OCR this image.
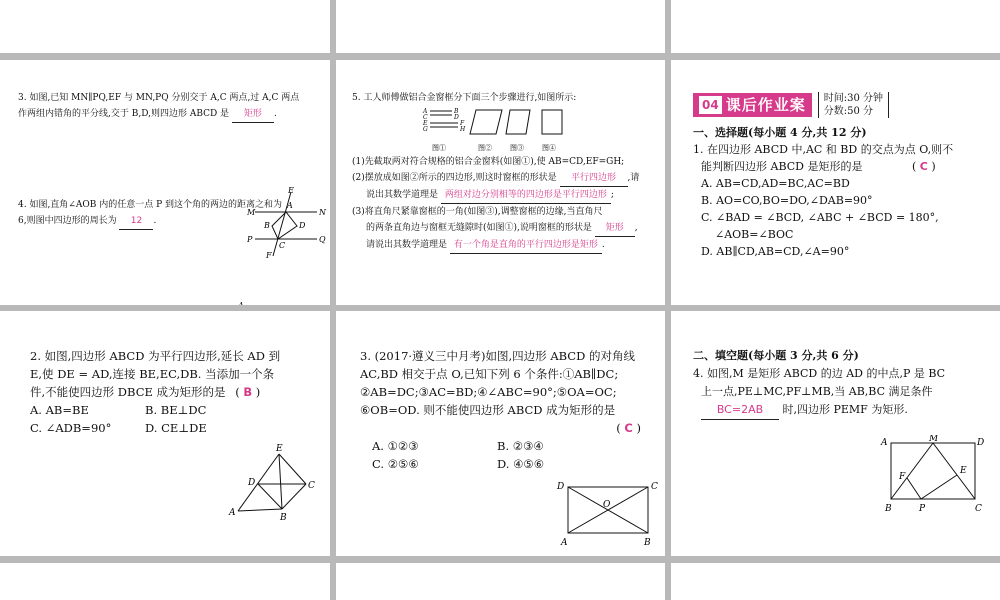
3. 如图,已知 MN∥PQ,EF 与 MN,PQ 分别交于 A,C 两点,过 A,C 两点
作两组内错角的平分线,交于 B,D,则四边形 ABCD 是 矩形 .
M	N
P	Q
E
F
A
B
C
D
4. 如图,直角∠AOB 内的任意一点 P 到这个角的两边的距离之和为
6,则图中四边形的周长为 12 .
A
5. 工人师傅做铝合金窗框分下面三个步骤进行,如图所示:
A	B
C	D
E	F
G	H
图①	图②	图③	图④
(1)先截取两对符合规格的铝合金窗料(如图①),使 AB=CD,EF=GH;
(2)摆放成如图②所示的四边形,则这时窗框的形状是 平行四边形 ,请
说出其数学道理是 两组对边分别相等的四边形是平行四边形 ;
(3)将直角尺紧靠窗框的一角(如图③),调整窗框的边缘,当直角尺
的两条直角边与窗框无缝隙时(如图①),说明窗框的形状是 矩形 ,
请说出其数学道理是 有一个角是直角的平行四边形是矩形 .
04 课后作业案 时间:30 分钟
分数:50 分
一、选择题(每小题 4 分,共 12 分)
1. 在四边形 ABCD 中,AC 和 BD 的交点为点 O,则不
能判断四边形 ABCD 是矩形的是	( C )
A. AB=CD,AD=BC,AC=BD
B. AO=CO,BO=DO,∠DAB=90°
C. ∠BAD = ∠BCD, ∠ABC + ∠BCD = 180°,
∠AOB=∠BOC
D. AB∥CD,AB=CD,∠A=90°
2. 如图,四边形 ABCD 为平行四边形,延长 AD 到
E,使 DE = AD,连接 BE,EC,DB. 当添加一个条
件,不能使四边形 DBCE 成为矩形的是 ( B )
A. AB=BE	B. BE⊥DC
C. ∠ADB=90°	D. CE⊥DE
E
D	C
A	B
3. (2017·遵义三中月考)如图,四边形 ABCD 的对角线
AC,BD 相交于点 O,已知下列 6 个条件:①AB∥DC;
②AB=DC;③AC=BD;④∠ABC=90°;⑤OA=OC;
⑥OB=OD. 则不能使四边形 ABCD 成为矩形的是
( C )
A. ①②③	B. ②③④
C. ②⑤⑥	D. ④⑤⑥
D	C
O
A	B
二、填空题(每小题 3 分,共 6 分)
4. 如图,M 是矩形 ABCD 的边 AD 的中点,P 是 BC
上一点,PE⊥MC,PF⊥MB,当 AB,BC 满足条件
BC=2AB 时,四边形 PEMF 为矩形.
A	M	D
F
E
B	P	C
